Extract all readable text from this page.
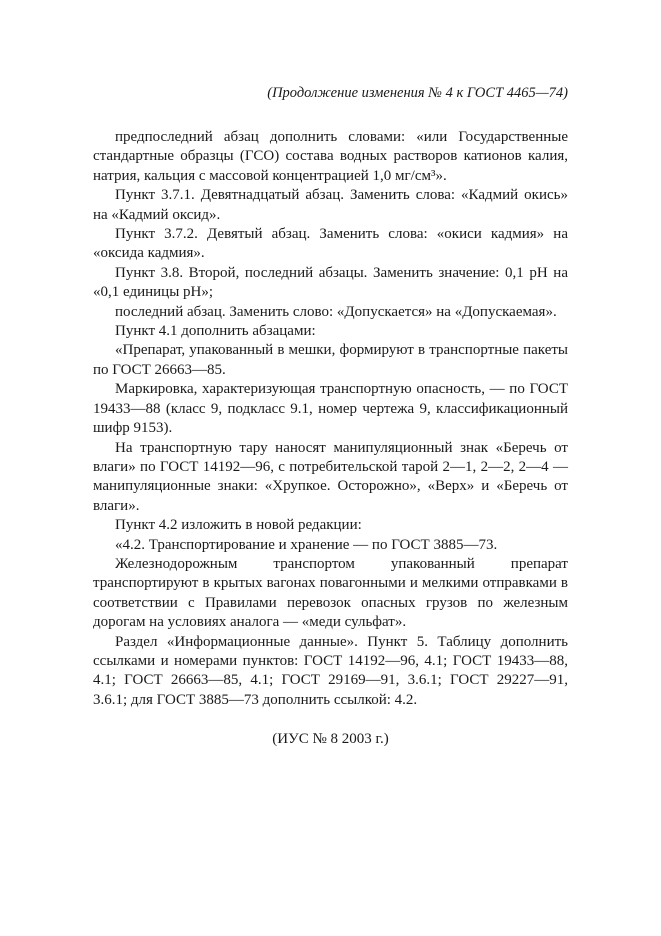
(Продолжение изменения № 4 к ГОСТ 4465—74)

предпоследний абзац дополнить словами: «или Государственные стандартные образцы (ГСО) состава водных растворов катионов калия, натрия, кальция с массовой концентрацией 1,0 мг/см³».

Пункт 3.7.1. Девятнадцатый абзац. Заменить слова: «Кадмий окись» на «Кадмий оксид».

Пункт 3.7.2. Девятый абзац. Заменить слова: «окиси кадмия» на «оксида кадмия».

Пункт 3.8. Второй, последний абзацы. Заменить значение: 0,1 pH на «0,1 единицы pH»;

последний абзац. Заменить слово: «Допускается» на «Допускаемая».

Пункт 4.1 дополнить абзацами:

«Препарат, упакованный в мешки, формируют в транспортные пакеты по ГОСТ 26663—85.

Маркировка, характеризующая транспортную опасность, — по ГОСТ 19433—88 (класс 9, подкласс 9.1, номер чертежа 9, классификационный шифр 9153).

На транспортную тару наносят манипуляционный знак «Беречь от влаги» по ГОСТ 14192—96, с потребительской тарой 2—1, 2—2, 2—4 — манипуляционные знаки: «Хрупкое. Осторожно», «Верх» и «Беречь от влаги».

Пункт 4.2 изложить в новой редакции:

«4.2. Транспортирование и хранение — по ГОСТ 3885—73.

Железнодорожным транспортом упакованный препарат транспортируют в крытых вагонах повагонными и мелкими отправками в соответствии с Правилами перевозок опасных грузов по железным дорогам на условиях аналога — «меди сульфат».

Раздел «Информационные данные». Пункт 5. Таблицу дополнить ссылками и номерами пунктов: ГОСТ 14192—96, 4.1; ГОСТ 19433—88, 4.1; ГОСТ 26663—85, 4.1; ГОСТ 29169—91, 3.6.1; ГОСТ 29227—91, 3.6.1; для ГОСТ 3885—73 дополнить ссылкой: 4.2.

(ИУС № 8 2003 г.)
